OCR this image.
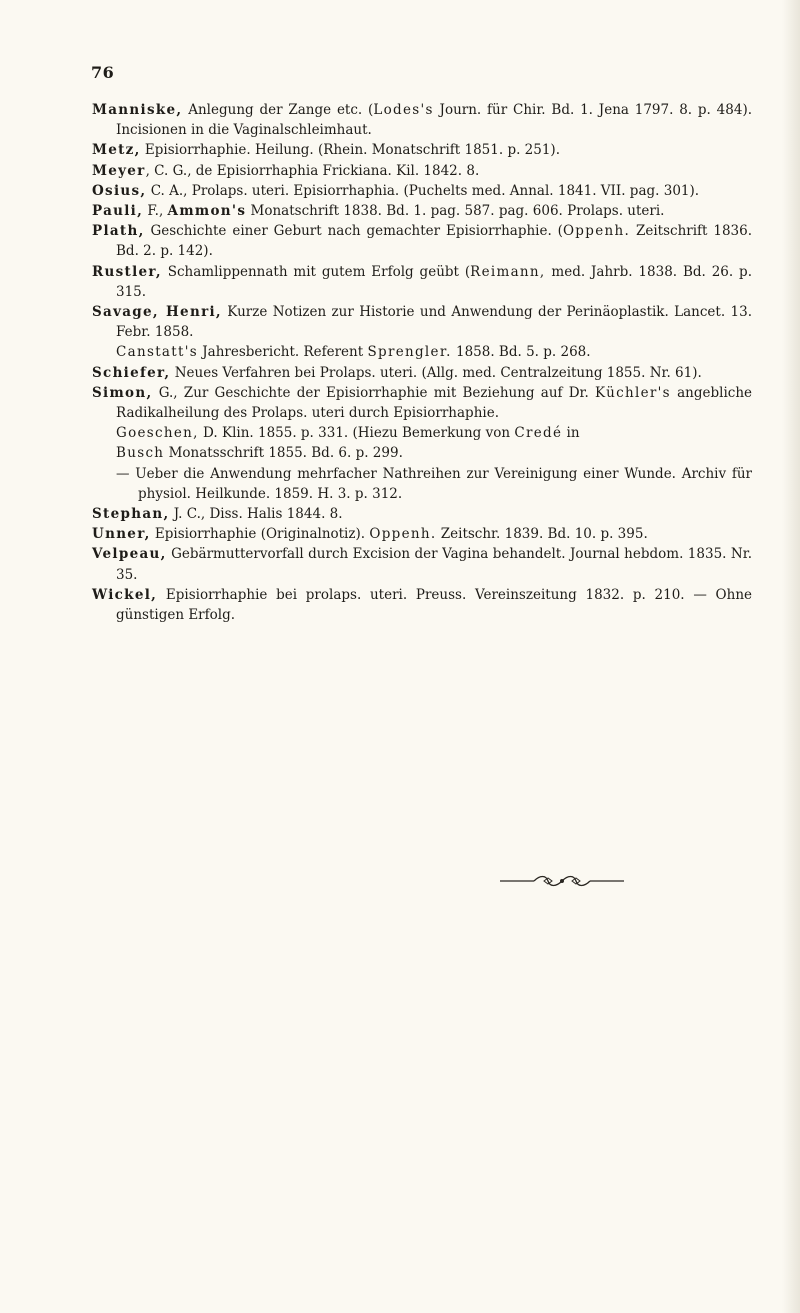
76

Manniske, Anlegung der Zange etc. (Lodes's Journ. für Chir. Bd. 1. Jena 1797. 8. p. 484). Incisionen in die Vaginalschleimhaut.

Metz, Episiorrhaphie. Heilung. (Rhein. Monatschrift 1851. p. 251).

Meyer, C. G., de Episiorrhaphia Frickiana. Kil. 1842. 8.

Osius, C. A., Prolaps. uteri. Episiorrhaphia. (Puchelts med. Annal. 1841. VII. pag. 301).

Pauli, F., Ammon's Monatschrift 1838. Bd. 1. pag. 587. pag. 606. Prolaps. uteri.

Plath, Geschichte einer Geburt nach gemachter Episiorrhaphie. (Oppenh. Zeitschrift 1836. Bd. 2. p. 142).

Rustler, Schamlippennath mit gutem Erfolg geübt (Reimann, med. Jahrb. 1838. Bd. 26. p. 315.

Savage, Henri, Kurze Notizen zur Historie und Anwendung der Perinäoplastik. Lancet. 13. Febr. 1858.

Canstatt's Jahresbericht. Referent Sprengler. 1858. Bd. 5. p. 268.

Schiefer, Neues Verfahren bei Prolaps. uteri. (Allg. med. Centralzeitung 1855. Nr. 61).

Simon, G., Zur Geschichte der Episiorrhaphie mit Beziehung auf Dr. Küchler's angebliche Radikalheilung des Prolaps. uteri durch Episiorrhaphie.

Goeschen, D. Klin. 1855. p. 331. (Hiezu Bemerkung von Credé in

Busch Monatsschrift 1855. Bd. 6. p. 299.

— Ueber die Anwendung mehrfacher Nathreihen zur Vereinigung einer Wunde. Archiv für physiol. Heilkunde. 1859. H. 3. p. 312.

Stephan, J. C., Diss. Halis 1844. 8.

Unner, Episiorrhaphie (Originalnotiz). Oppenh. Zeitschr. 1839. Bd. 10. p. 395.

Velpeau, Gebärmuttervorfall durch Excision der Vagina behandelt. Journal hebdom. 1835. Nr. 35.

Wickel, Episiorrhaphie bei prolaps. uteri. Preuss. Vereinszeitung 1832. p. 210. — Ohne günstigen Erfolg.
